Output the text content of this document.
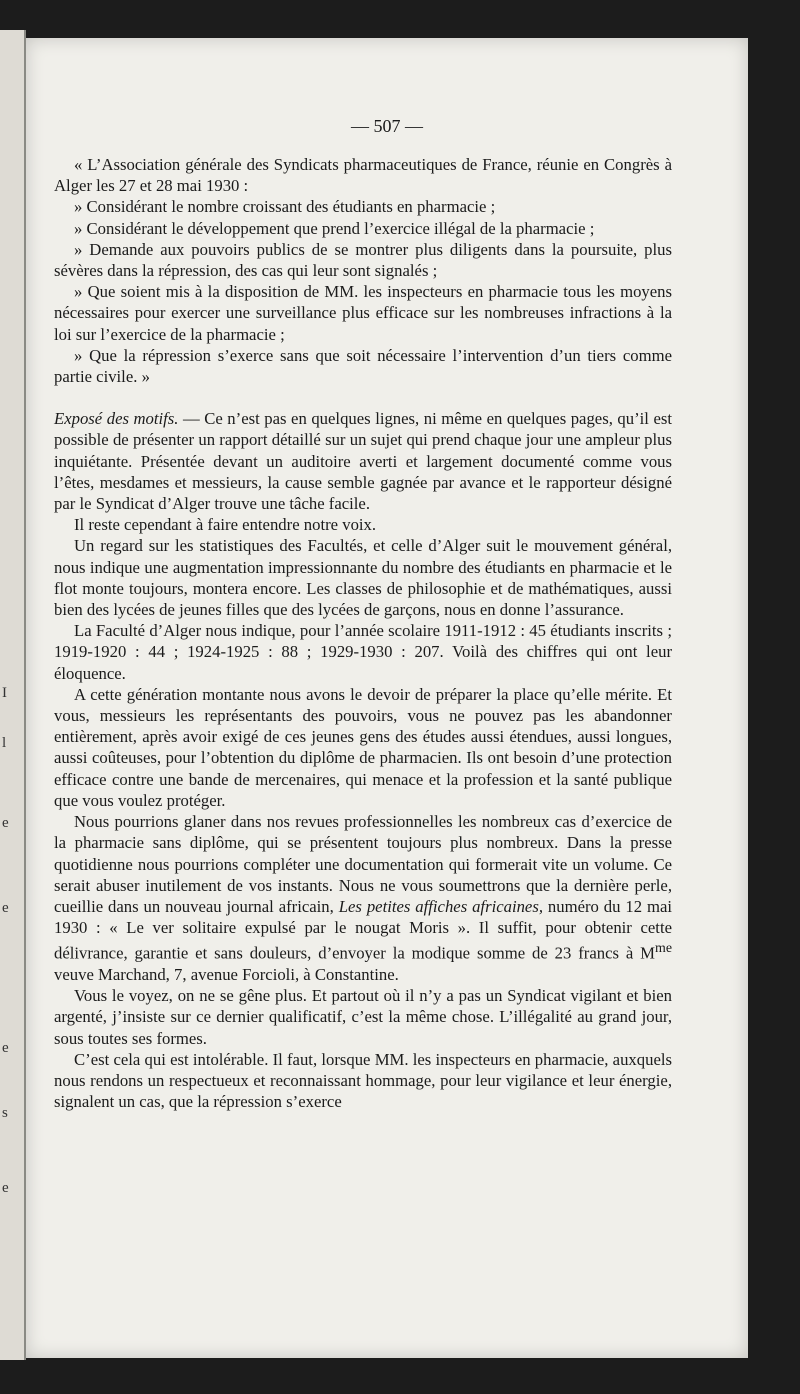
I
l
e
e
e
s
e
— 507 —

« L’Association générale des Syndicats pharmaceutiques de France, réunie en Congrès à Alger les 27 et 28 mai 1930 :

» Considérant le nombre croissant des étudiants en pharmacie ;

» Considérant le développement que prend l’exercice illégal de la pharmacie ;

» Demande aux pouvoirs publics de se montrer plus diligents dans la poursuite, plus sévères dans la répression, des cas qui leur sont signalés ;

» Que soient mis à la disposition de MM. les inspecteurs en pharmacie tous les moyens nécessaires pour exercer une surveillance plus efficace sur les nombreuses infractions à la loi sur l’exercice de la pharmacie ;

» Que la répression s’exerce sans que soit nécessaire l’intervention d’un tiers comme partie civile. »

Exposé des motifs. — Ce n’est pas en quelques lignes, ni même en quelques pages, qu’il est possible de présenter un rapport détaillé sur un sujet qui prend chaque jour une ampleur plus inquiétante. Présentée devant un auditoire averti et largement documenté comme vous l’êtes, mesdames et messieurs, la cause semble gagnée par avance et le rapporteur désigné par le Syndicat d’Alger trouve une tâche facile.

Il reste cependant à faire entendre notre voix.

Un regard sur les statistiques des Facultés, et celle d’Alger suit le mouvement général, nous indique une augmentation impressionnante du nombre des étudiants en pharmacie et le flot monte toujours, montera encore. Les classes de philosophie et de mathématiques, aussi bien des lycées de jeunes filles que des lycées de garçons, nous en donne l’assurance.

La Faculté d’Alger nous indique, pour l’année scolaire 1911-1912 : 45 étudiants inscrits ; 1919-1920 : 44 ; 1924-1925 : 88 ; 1929-1930 : 207. Voilà des chiffres qui ont leur éloquence.

A cette génération montante nous avons le devoir de préparer la place qu’elle mérite. Et vous, messieurs les représentants des pouvoirs, vous ne pouvez pas les abandonner entièrement, après avoir exigé de ces jeunes gens des études aussi étendues, aussi longues, aussi coûteuses, pour l’obtention du diplôme de pharmacien. Ils ont besoin d’une protection efficace contre une bande de mercenaires, qui menace et la profession et la santé publique que vous voulez protéger.

Nous pourrions glaner dans nos revues professionnelles les nombreux cas d’exercice de la pharmacie sans diplôme, qui se présentent toujours plus nombreux. Dans la presse quotidienne nous pourrions compléter une documentation qui formerait vite un volume. Ce serait abuser inutilement de vos instants. Nous ne vous soumettrons que la dernière perle, cueillie dans un nouveau journal africain, Les petites affiches africaines, numéro du 12 mai 1930 : « Le ver solitaire expulsé par le nougat Moris ». Il suffit, pour obtenir cette délivrance, garantie et sans douleurs, d’envoyer la modique somme de 23 francs à $M^{me}$ veuve Marchand, 7, avenue Forcioli, à Constantine.

Vous le voyez, on ne se gêne plus. Et partout où il n’y a pas un Syndicat vigilant et bien argenté, j’insiste sur ce dernier qualificatif, c’est la même chose. L’illégalité au grand jour, sous toutes ses formes.

C’est cela qui est intolérable. Il faut, lorsque MM. les inspecteurs en pharmacie, auxquels nous rendons un respectueux et reconnaissant hommage, pour leur vigilance et leur énergie, signalent un cas, que la répression s’exerce
